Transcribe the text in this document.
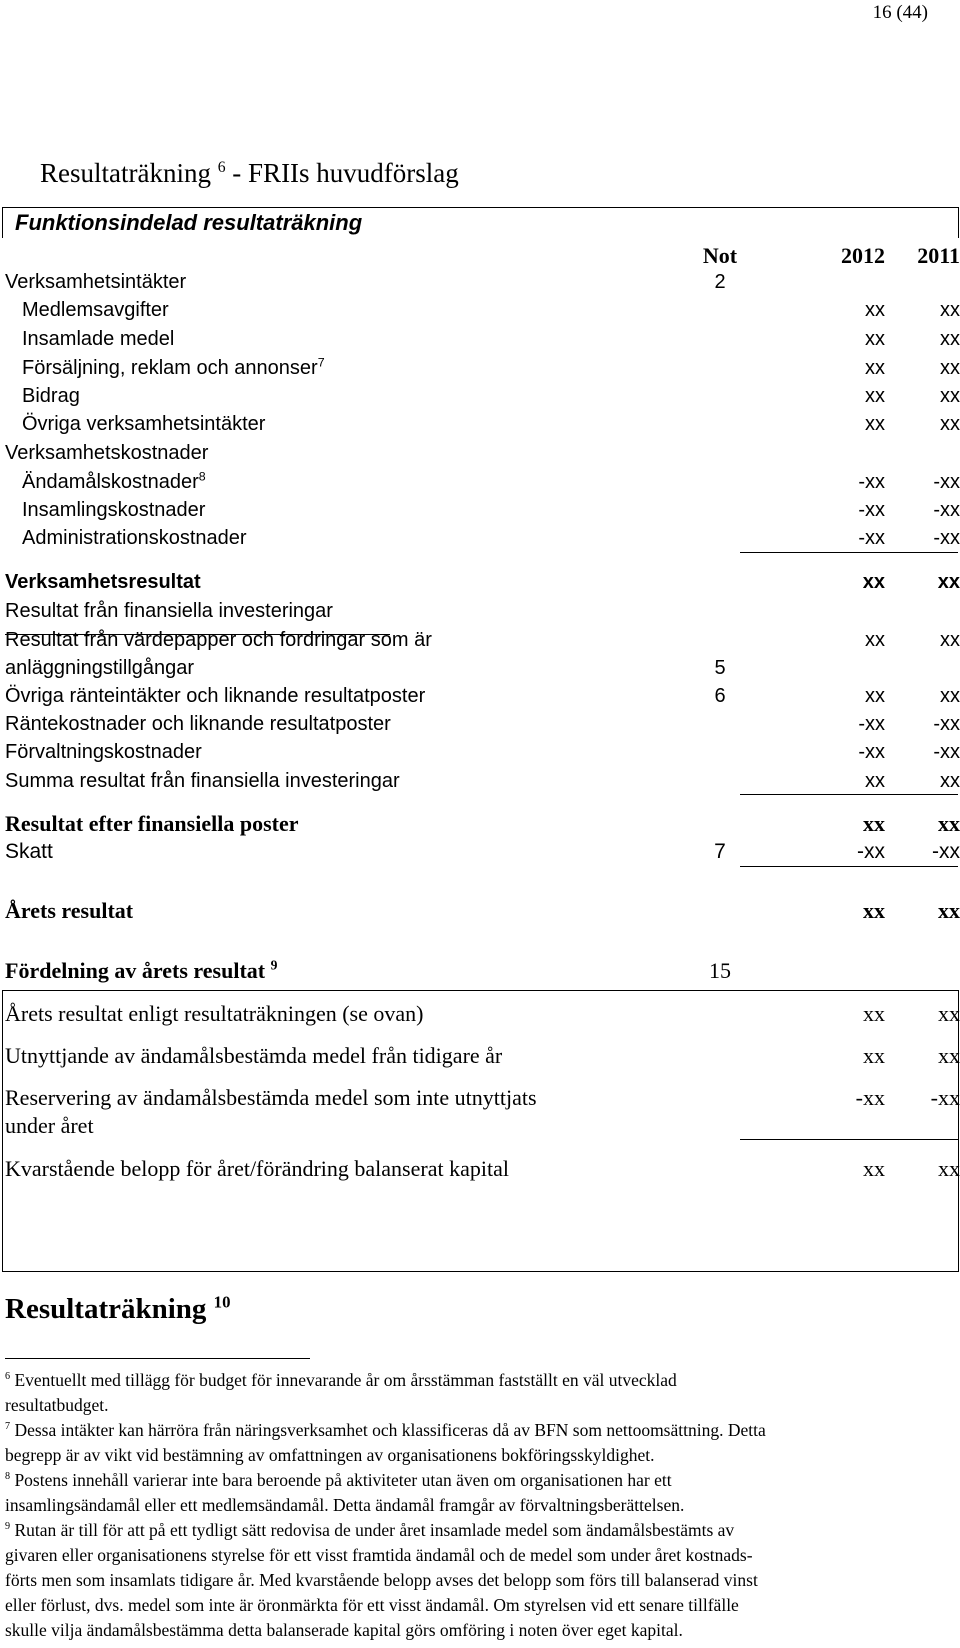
16 (44)
Resultaträkning $^6$ - FRIIs huvudförslag
Funktionsindelad resultaträkning
Not	2012	2011
Verksamhetsintäkter	2
Medlemsavgifter	xx	xx
Insamlade medel	xx	xx
Försäljning, reklam och annonser$^7$	xx	xx
Bidrag	xx	xx
Övriga verksamhetsintäkter	xx	xx
Verksamhetskostnader
Ändamålskostnader$^8$	-xx	-xx
Insamlingskostnader	-xx	-xx
Administrationskostnader	-xx	-xx
Verksamhetsresultat	xx	xx
Resultat från finansiella investeringar
Resultat från värdepapper och fordringar som är	xx	xx
anläggningstillgångar	5
Övriga ränteintäkter och liknande resultatposter	6	xx	xx
Räntekostnader och liknande resultatposter	-xx	-xx
Förvaltningskostnader	-xx	-xx
Summa resultat från finansiella investeringar	xx	xx
Resultat efter finansiella poster	xx	xx
Skatt	7	-xx	-xx
Årets resultat	xx	xx
Fördelning av årets resultat $^9$	15
Årets resultat enligt resultaträkningen (se ovan)	xx	xx
Utnyttjande av ändamålsbestämda medel från tidigare år	xx	xx
Reservering av ändamålsbestämda medel som inte utnyttjats	-xx	-xx
under året
Kvarstående belopp för året/förändring balanserat kapital	xx	xx
Resultaträkning $^{10}$
$^6$ Eventuellt med tillägg för budget för innevarande år om årsstämman fastställt en väl utvecklad
resultatbudget.
$^7$ Dessa intäkter kan härröra från näringsverksamhet och klassificeras då av BFN som nettoomsättning. Detta
begrepp är av vikt vid bestämning av omfattningen av organisationens bokföringsskyldighet.
$^8$ Postens innehåll varierar inte bara beroende på aktiviteter utan även om organisationen har ett
insamlingsändamål eller ett medlemsändamål. Detta ändamål framgår av förvaltningsberättelsen.
$^9$ Rutan är till för att på ett tydligt sätt redovisa de under året insamlade medel som ändamålsbestämts av
givaren eller organisationens styrelse för ett visst framtida ändamål och de medel som under året kostnads-
förts men som insamlats tidigare år. Med kvarstående belopp avses det belopp som förs till balanserad vinst
eller förlust, dvs. medel som inte är öronmärkta för ett visst ändamål. Om styrelsen vid ett senare tillfälle
skulle vilja ändamålsbestämma detta balanserade kapital görs omföring i noten över eget kapital.
